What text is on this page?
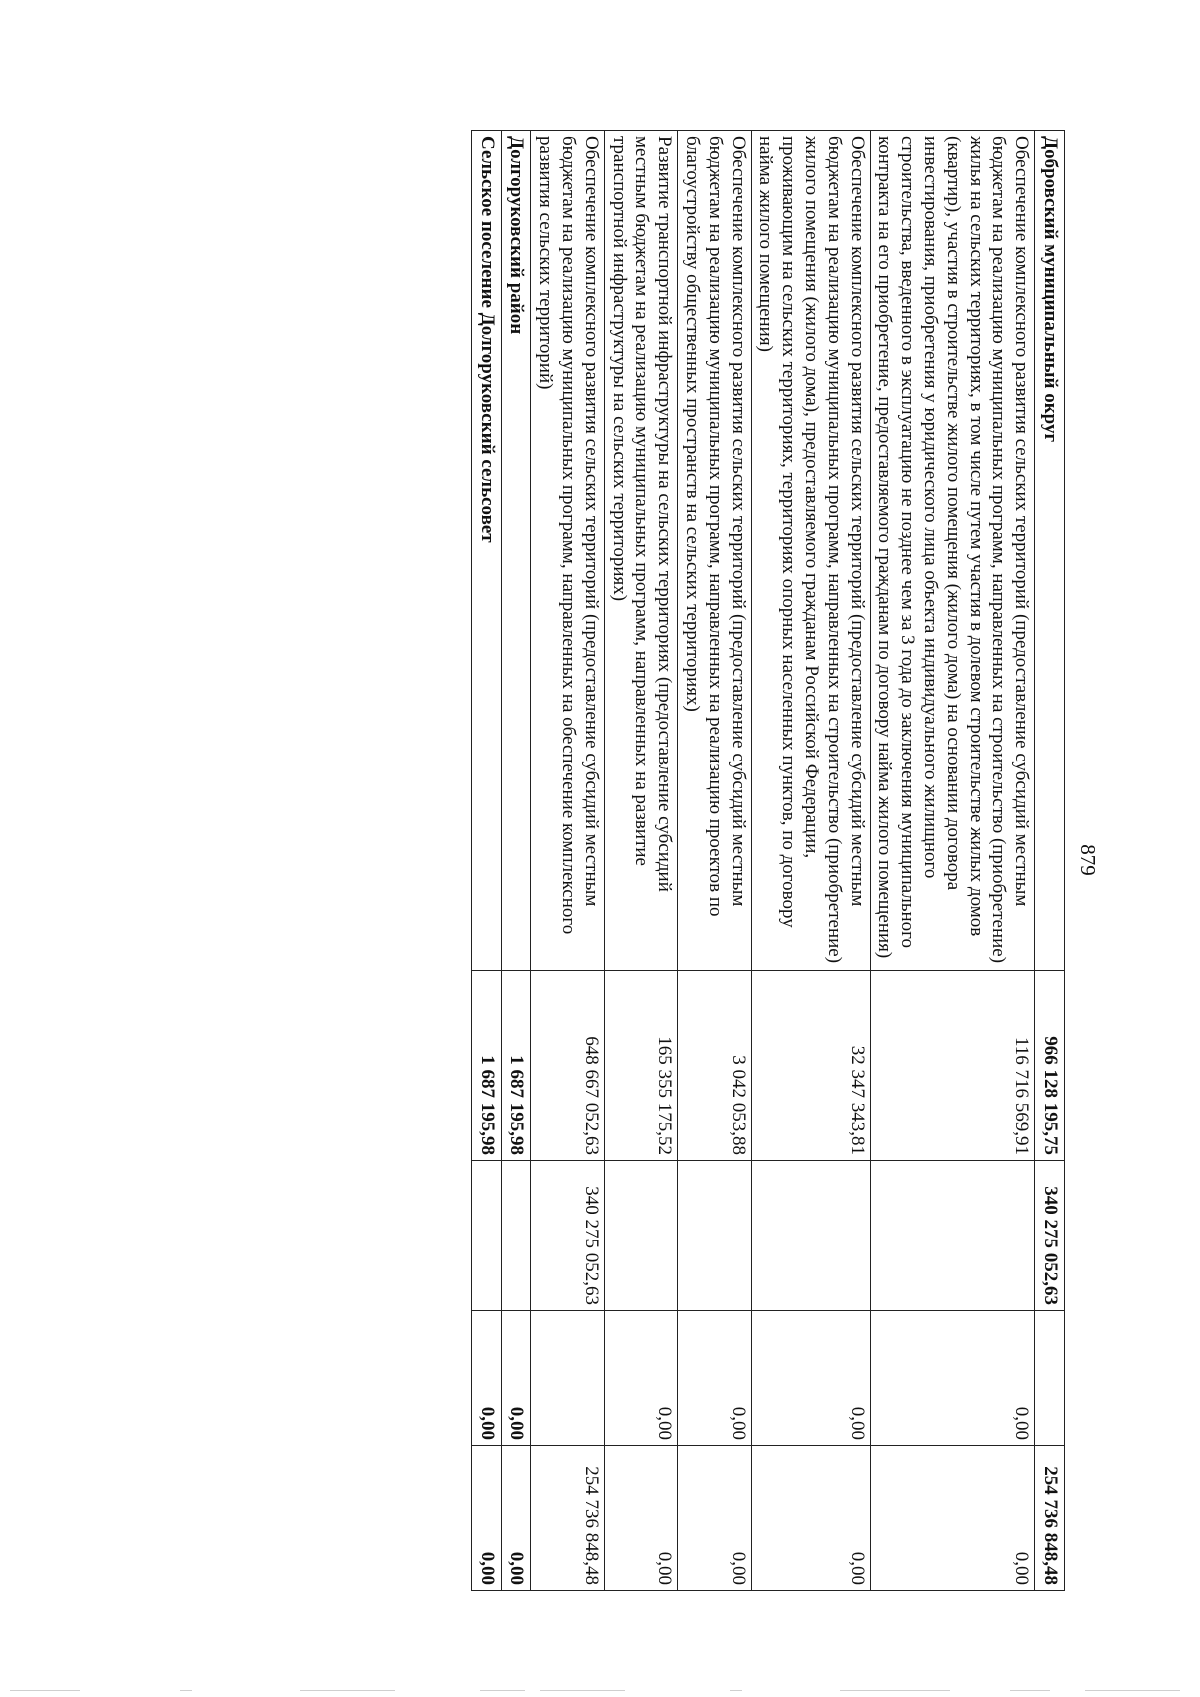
879
Добровский муниципальный округ	966 128 195,75	340 275 052,63		254 736 848,48
Обеспечение комплексного развития сельских территорий (предоставление субсидий местным бюджетам на реализацию муниципальных программ, направленных на строительство (приобретение) жилья на сельских территориях, в том числе путем участия в долевом строительстве жилых домов (квартир), участия в строительстве жилого помещения (жилого дома) на основании договора инвестирования, приобретения у юридического лица объекта индивидуального жилищного строительства, введенного в эксплуатацию не позднее чем за 3 года до заключения муниципального контракта на его приобретение, предоставляемого гражданам по договору найма жилого помещения)	116 716 569,91		0,00	0,00
Обеспечение комплексного развития сельских территорий (предоставление субсидий местным бюджетам на реализацию муниципальных программ, направленных на строительство (приобретение) жилого помещения (жилого дома), предоставляемого гражданам Российской Федерации, проживающим на сельских территориях, территориях опорных населенных пунктов, по договору найма жилого помещения)	32 347 343,81		0,00	0,00
Обеспечение комплексного развития сельских территорий (предоставление субсидий местным бюджетам на реализацию муниципальных программ, направленных на реализацию проектов по благоустройству общественных пространств на сельских территориях)	3 042 053,88		0,00	0,00
Развитие транспортной инфраструктуры на сельских территориях (предоставление субсидий местным бюджетам на реализацию муниципальных программ, направленных на развитие транспортной инфраструктуры на сельских территориях)	165 355 175,52		0,00	0,00
Обеспечение комплексного развития сельских территорий (предоставление субсидий местным бюджетам на реализацию муниципальных программ, направленных на обеспечение комплексного развития сельских территорий)	648 667 052,63	340 275 052,63		254 736 848,48
Долгоруковский район	1 687 195,98		0,00	0,00
Сельское поселение Долгоруковский сельсовет	1 687 195,98		0,00	0,00
